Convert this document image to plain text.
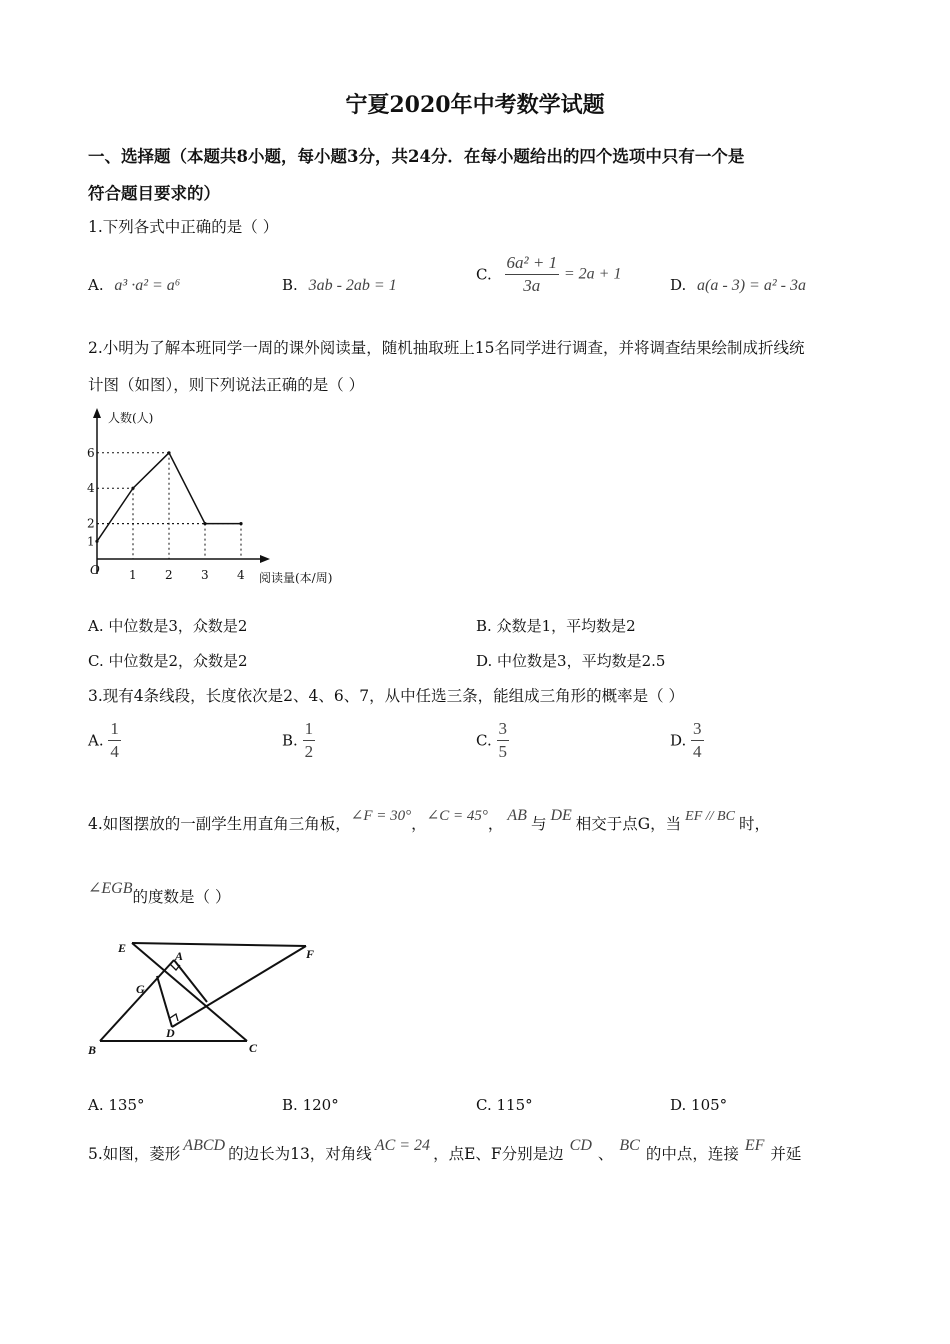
宁夏2020年中考数学试题
一、选择题（本题共8小题，每小题3分，共24分．在每小题给出的四个选项中只有一个是
符合题目要求的）
1.下列各式中正确的是（ ）
A. a³ ·a² = a⁶	B. 3ab - 2ab = 1
C. $\frac{\text{6a² + 1}}{3a} = 2a + 1$
D. a(a - 3) = a² - 3a
2.小明为了解本班同学一周的课外阅读量，随机抽取班上15名同学进行调查，并将调查结果绘制成折线统
计图（如图），则下列说法正确的是（ ）
人数(人)
阅读量(本/周)
O 1 2 3 4
2
4
6
1
A. 中位数是3，众数是2	B. 众数是1，平均数是2
C. 中位数是2，众数是2	D. 中位数是3，平均数是2.5
3.现有4条线段，长度依次是2、4、6、7，从中任选三条，能组成三角形的概率是（ ）
A. $\frac{1}{4}$	B. $\frac{1}{2}$	C. $\frac{3}{5}$	D. $\frac{3}{4}$
4.如图摆放的一副学生用直角三角板，∠F = 30°，∠C = 45°， AB 与 DE 相交于点G，当 EF // BC 时，
∠EGB的度数是（ ）
E	F
A
G
D
B	C
A. 135°	B. 120°	C. 115°	D. 105°
5.如图，菱形 ABCD 的边长为13，对角线 AC = 24 ，点E、F分别是边 CD 、 BC 的中点，连接 EF 并延
